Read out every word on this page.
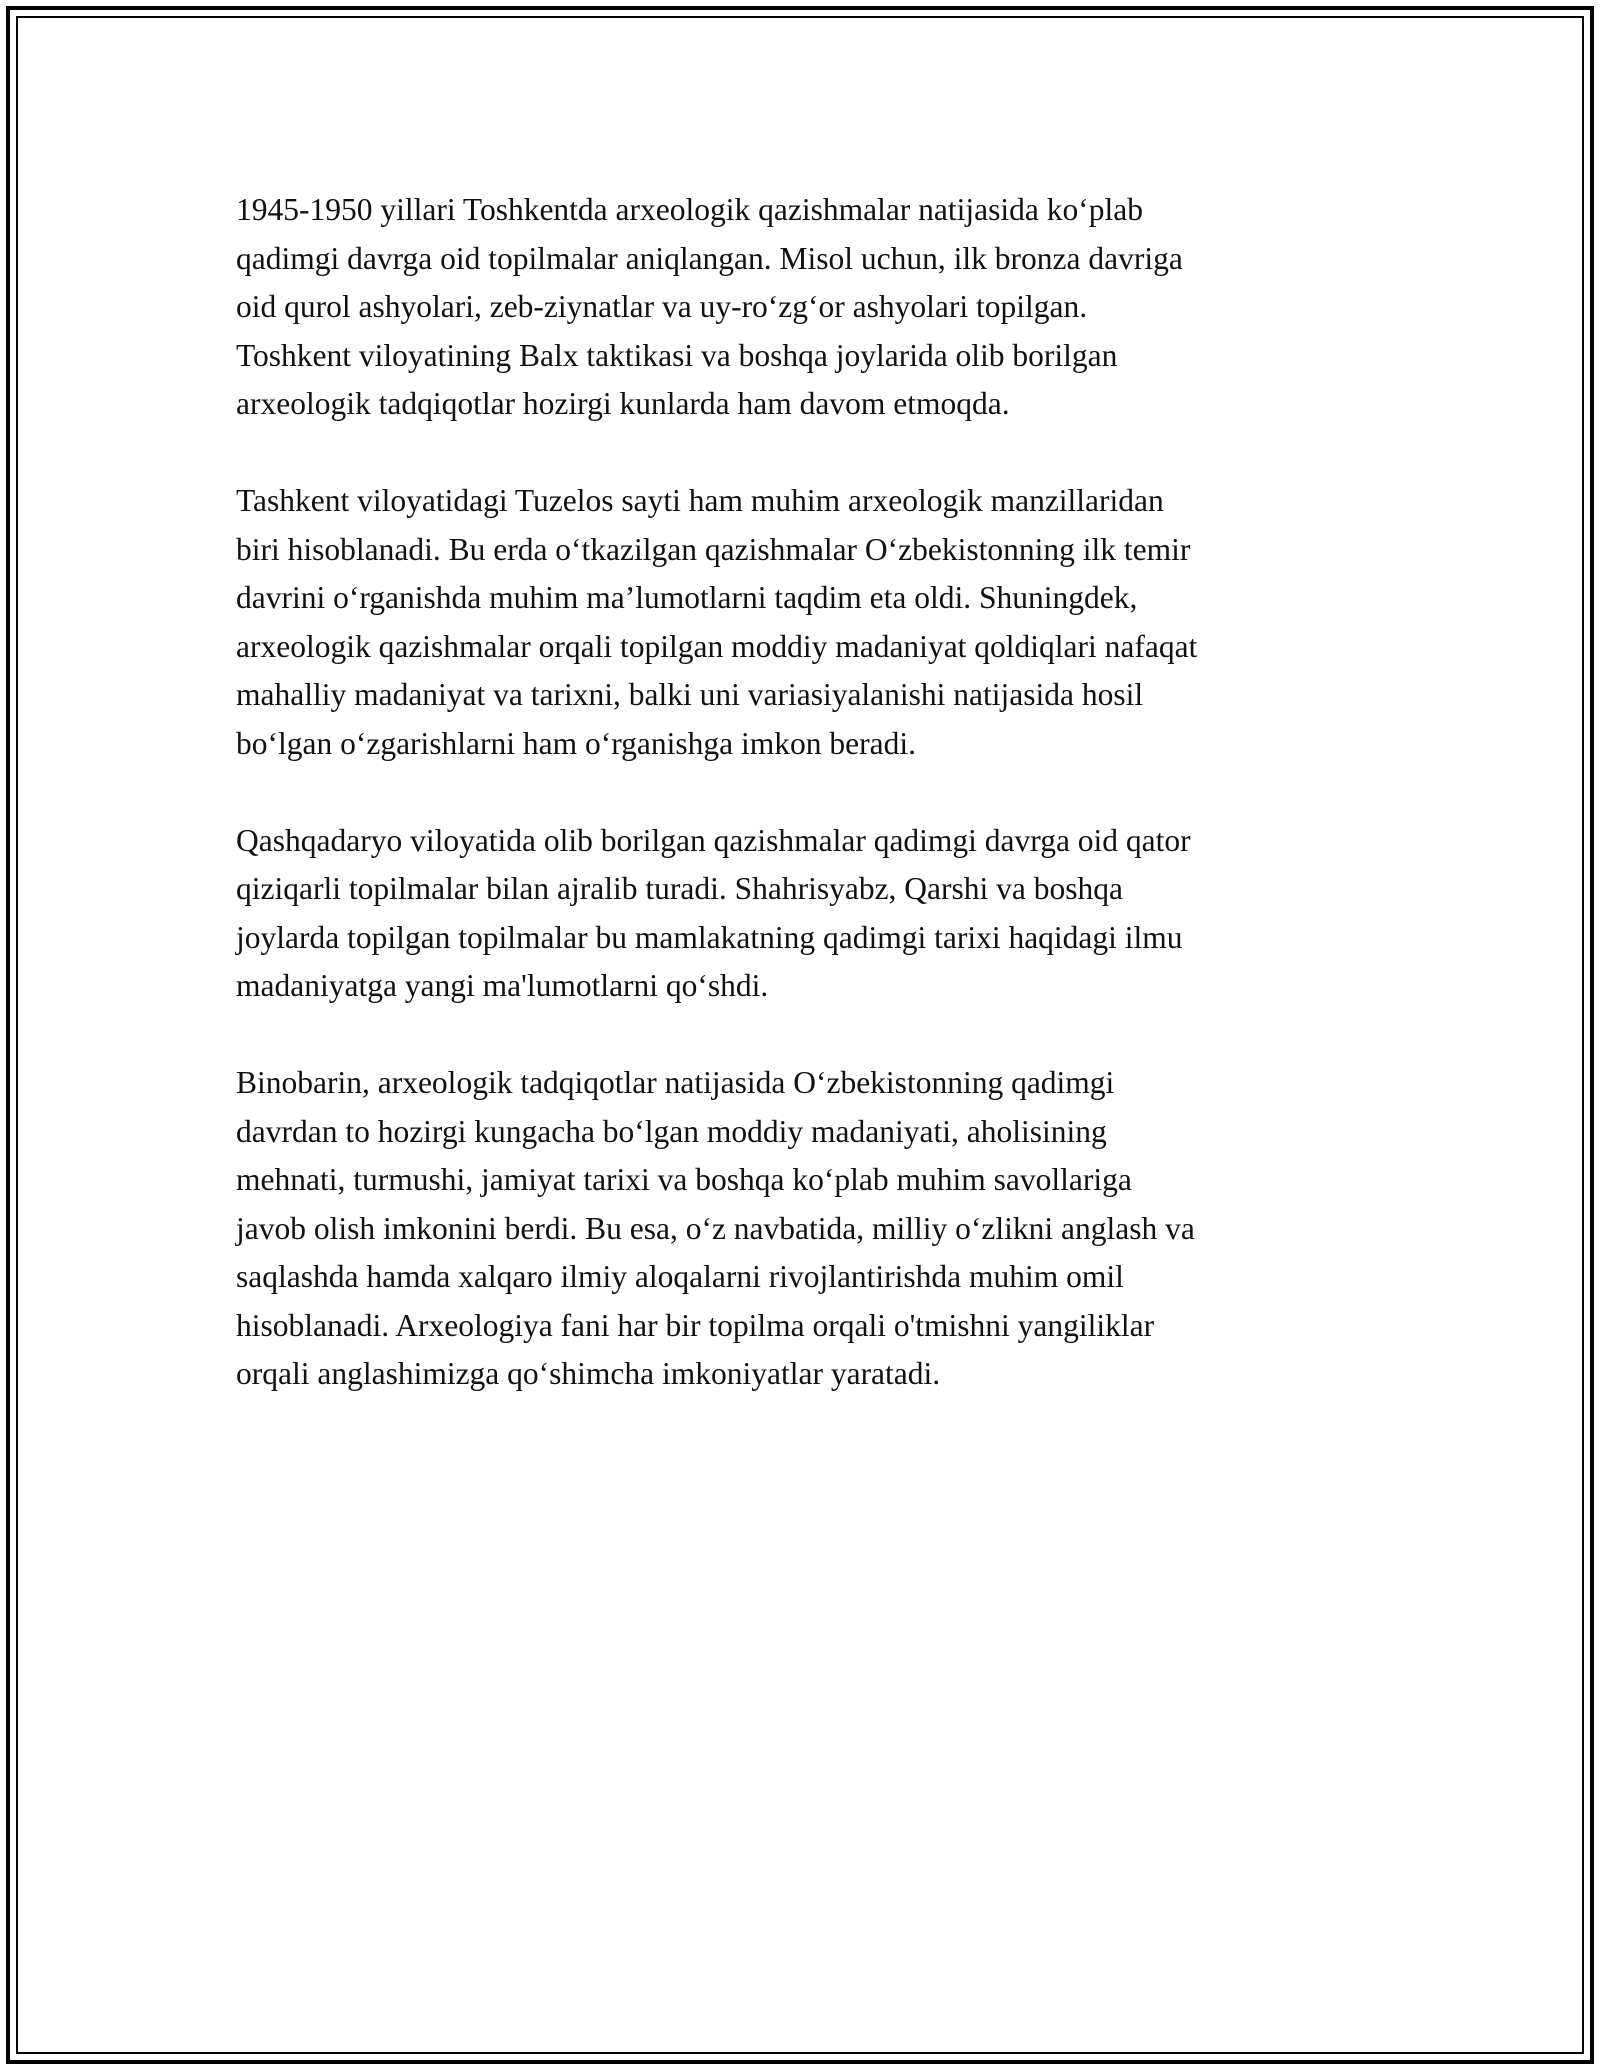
1945-1950 yillari Toshkentda arxeologik qazishmalar natijasida ko‘plab
qadimgi davrga oid topilmalar aniqlangan. Misol uchun, ilk bronza davriga
oid qurol ashyolari, zeb-ziynatlar va uy-ro‘zg‘or ashyolari topilgan.
Toshkent viloyatining Balx taktikasi va boshqa joylarida olib borilgan
arxeologik tadqiqotlar hozirgi kunlarda ham davom etmoqda.

Tashkent viloyatidagi Tuzelos sayti ham muhim arxeologik manzillaridan
biri hisoblanadi. Bu erda o‘tkazilgan qazishmalar O‘zbekistonning ilk temir
davrini o‘rganishda muhim ma’lumotlarni taqdim eta oldi. Shuningdek,
arxeologik qazishmalar orqali topilgan moddiy madaniyat qoldiqlari nafaqat
mahalliy madaniyat va tarixni, balki uni variasiyalanishi natijasida hosil
bo‘lgan o‘zgarishlarni ham o‘rganishga imkon beradi.

Qashqadaryo viloyatida olib borilgan qazishmalar qadimgi davrga oid qator
qiziqarli topilmalar bilan ajralib turadi. Shahrisyabz, Qarshi va boshqa
joylarda topilgan topilmalar bu mamlakatning qadimgi tarixi haqidagi ilmu
madaniyatga yangi ma'lumotlarni qo‘shdi.

Binobarin, arxeologik tadqiqotlar natijasida O‘zbekistonning qadimgi
davrdan to hozirgi kungacha bo‘lgan moddiy madaniyati, aholisining
mehnati, turmushi, jamiyat tarixi va boshqa ko‘plab muhim savollariga
javob olish imkonini berdi. Bu esa, o‘z navbatida, milliy o‘zlikni anglash va
saqlashda hamda xalqaro ilmiy aloqalarni rivojlantirishda muhim omil
hisoblanadi. Arxeologiya fani har bir topilma orqali o'tmishni yangiliklar
orqali anglashimizga qo‘shimcha imkoniyatlar yaratadi.
